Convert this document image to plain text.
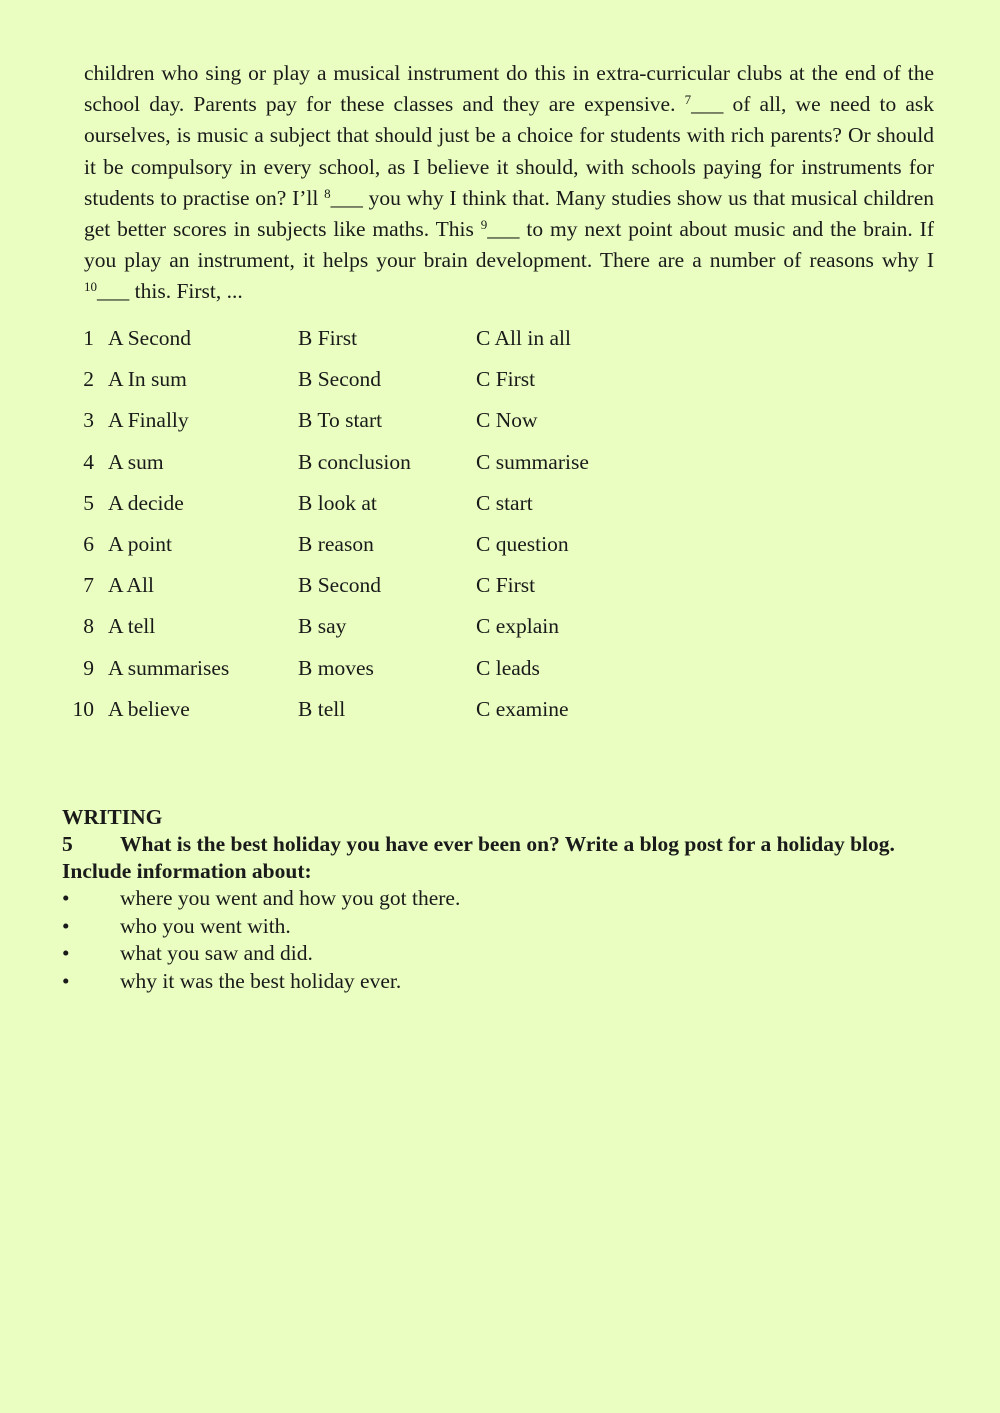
children who sing or play a musical instrument do this in extra-curricular clubs at the end of the school day. Parents pay for these classes and they are expensive. $^7$___ of all, we need to ask ourselves, is music a subject that should just be a choice for students with rich parents? Or should it be compulsory in every school, as I believe it should, with schools paying for instruments for students to practise on? I’ll $^8$___ you why I think that. Many studies show us that musical children get better scores in subjects like maths. This $^9$___ to my next point about music and the brain. If you play an instrument, it helps your brain development. There are a number of reasons why I $^{10}$___ this. First, ...
1	A Second	B First	C All in all
2	A In sum	B Second	C First
3	A Finally	B To start	C Now
4	A sum	B conclusion	C summarise
5	A decide	B look at	C start
6	A point	B reason	C question
7	A All	B Second	C First
8	A tell	B say	C explain
9	A summarises	B moves	C leads
10	A believe	B tell	C examine
WRITING
5 What is the best holiday you have ever been on? Write a blog post for a holiday blog. Include information about:
•	where you went and how you got there.
•	who you went with.
•	what you saw and did.
•	why it was the best holiday ever.
